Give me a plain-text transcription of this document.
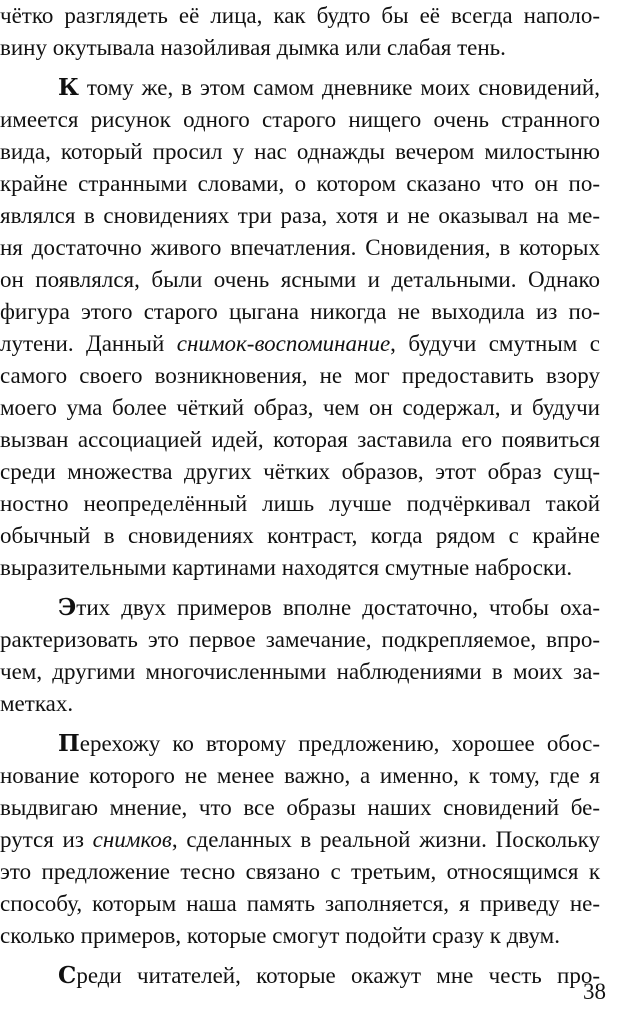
чётко разглядеть её лица, как будто бы её всегда наполо-
вину окутывала назойливая дымка или слабая тень.
К тому же, в этом самом дневнике моих сновидений,
имеется рисунок одного старого нищего очень странного
вида, который просил у нас однажды вечером милостыню
крайне странными словами, о котором сказано что он по-
являлся в сновидениях три раза, хотя и не оказывал на ме-
ня достаточно живого впечатления. Сновидения, в которых
он появлялся, были очень ясными и детальными. Однако
фигура этого старого цыгана никогда не выходила из по-
лутени. Данный снимок-воспоминание, будучи смутным с
самого своего возникновения, не мог предоставить взору
моего ума более чёткий образ, чем он содержал, и будучи
вызван ассоциацией идей, которая заставила его появиться
среди множества других чётких образов, этот образ сущ-
ностно неопределённый лишь лучше подчёркивал такой
обычный в сновидениях контраст, когда рядом с крайне
выразительными картинами находятся смутные наброски.
Этих двух примеров вполне достаточно, чтобы оха-
рактеризовать это первое замечание, подкрепляемое, впро-
чем, другими многочисленными наблюдениями в моих за-
метках.
Перехожу ко второму предложению, хорошее обос-
нование которого не менее важно, а именно, к тому, где я
выдвигаю мнение, что все образы наших сновидений бе-
рутся из снимков, сделанных в реальной жизни. Поскольку
это предложение тесно связано с третьим, относящимся к
способу, которым наша память заполняется, я приведу не-
сколько примеров, которые смогут подойти сразу к двум.
Среди читателей, которые окажут мне честь про-
38
